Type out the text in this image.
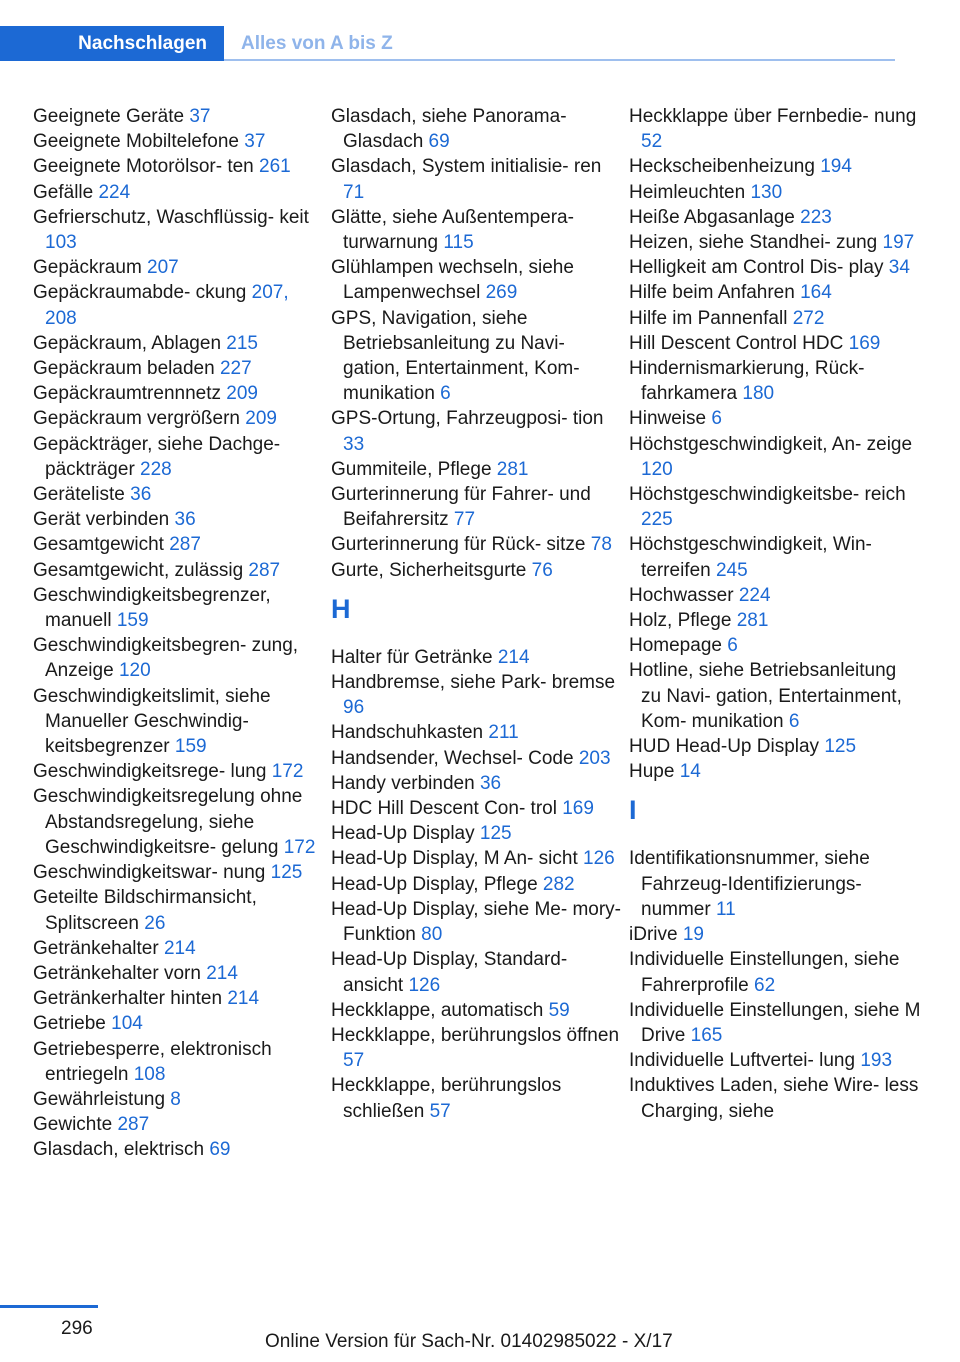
Nachschlagen	Alles von A bis Z

Geeignete Geräte 37

Geeignete Mobiltelefone 37

Geeignete Motorölsor‐ ten 261

Gefälle 224

Gefrierschutz, Waschflüssig‐ keit 103

Gepäckraum 207

Gepäckraumabde‐ ckung 207, 208

Gepäckraum, Ablagen 215

Gepäckraum beladen 227

Gepäckraumtrennnetz 209

Gepäckraum vergrößern 209

Gepäckträger, siehe Dachge‐ päckträger 228

Geräteliste 36

Gerät verbinden 36

Gesamtgewicht 287

Gesamtgewicht, zulässig 287

Geschwindigkeitsbegrenzer, manuell 159

Geschwindigkeitsbegren‐ zung, Anzeige 120

Geschwindigkeitslimit, siehe Manueller Geschwindig‐ keitsbegrenzer 159

Geschwindigkeitsrege‐ lung 172

Geschwindigkeitsregelung ohne Abstandsregelung, siehe Geschwindigkeitsre‐ gelung 172

Geschwindigkeitswar‐ nung 125

Geteilte Bildschirmansicht, Splitscreen 26

Getränkehalter 214

Getränkehalter vorn 214

Getränkerhalter hinten 214

Getriebe 104

Getriebesperre, elektronisch entriegeln 108

Gewährleistung 8

Gewichte 287

Glasdach, elektrisch 69

Glasdach, siehe Panorama‐ Glasdach 69

Glasdach, System initialisie‐ ren 71

Glätte, siehe Außentempera‐ turwarnung 115

Glühlampen wechseln, siehe Lampenwechsel 269

GPS, Navigation, siehe Betriebsanleitung zu Navi‐ gation, Entertainment, Kom‐ munikation 6

GPS-Ortung, Fahrzeugposi‐ tion 33

Gummiteile, Pflege 281

Gurterinnerung für Fahrer- und Beifahrersitz 77

Gurterinnerung für Rück‐ sitze 78

Gurte, Sicherheitsgurte 76

H

Halter für Getränke 214

Handbremse, siehe Park‐ bremse 96

Handschuhkasten 211

Handsender, Wechsel‐ Code 203

Handy verbinden 36

HDC Hill Descent Con‐ trol 169

Head-Up Display 125

Head-Up Display, M An‐ sicht 126

Head-Up Display, Pflege 282

Head-Up Display, siehe Me‐ mory-Funktion 80

Head-Up Display, Standard‐ ansicht 126

Heckklappe, automatisch 59

Heckklappe, berührungslos öffnen 57

Heckklappe, berührungslos schließen 57

Heckklappe über Fernbedie‐ nung 52

Heckscheibenheizung 194

Heimleuchten 130

Heiße Abgasanlage 223

Heizen, siehe Standhei‐ zung 197

Helligkeit am Control Dis‐ play 34

Hilfe beim Anfahren 164

Hilfe im Pannenfall 272

Hill Descent Control HDC 169

Hindernismarkierung, Rück‐ fahrkamera 180

Hinweise 6

Höchstgeschwindigkeit, An‐ zeige 120

Höchstgeschwindigkeitsbe‐ reich 225

Höchstgeschwindigkeit, Win‐ terreifen 245

Hochwasser 224

Holz, Pflege 281

Homepage 6

Hotline, siehe Betriebsanleitung zu Navi‐ gation, Entertainment, Kom‐ munikation 6

HUD Head-Up Display 125

Hupe 14

I

Identifikationsnummer, siehe Fahrzeug-Identifizierungs‐ nummer 11

iDrive 19

Individuelle Einstellungen, siehe Fahrerprofile 62

Individuelle Einstellungen, siehe M Drive 165

Individuelle Luftvertei‐ lung 193

Induktives Laden, siehe Wire‐ less Charging, siehe

296
Online Version für Sach-Nr. 01402985022 - X/17
